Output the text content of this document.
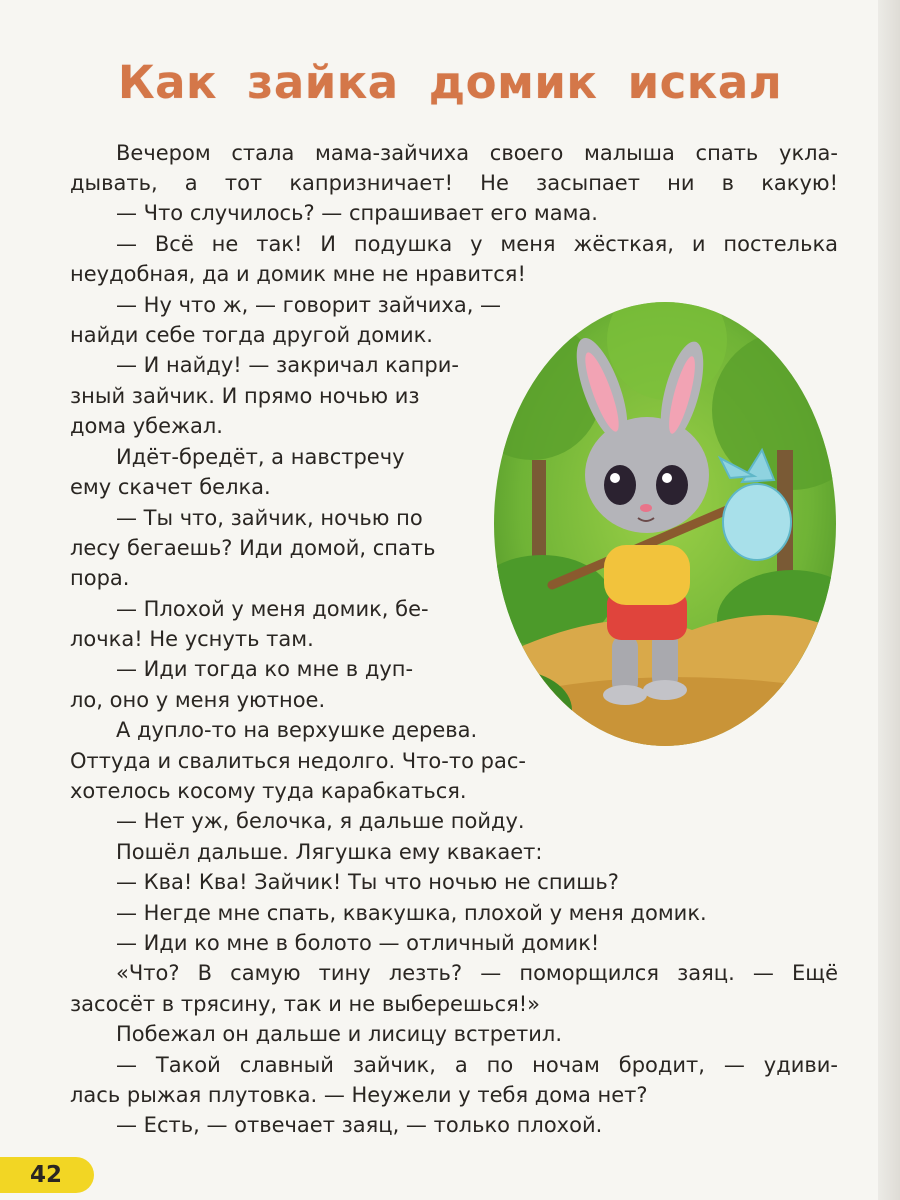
Как зайка домик искал
Вечером стала мама-зайчиха своего малыша спать укла-
дывать, а тот капризничает! Не засыпает ни в какую!
— Что случилось? — спрашивает его мама.
— Всё не так! И подушка у меня жёсткая, и постелька
неудобная, да и домик мне не нравится!
— Ну что ж, — говорит зайчиха, —
найди себе тогда другой домик.
— И найду! — закричал капри-
зный зайчик. И прямо ночью из
дома убежал.
Идёт-бредёт, а навстречу
ему скачет белка.
— Ты что, зайчик, ночью по
лесу бегаешь? Иди домой, спать
пора.
— Плохой у меня домик, бе-
лочка! Не уснуть там.
— Иди тогда ко мне в дуп-
ло, оно у меня уютное.
А дупло-то на верхушке дерева.
Оттуда и свалиться недолго. Что-то рас-
хотелось косому туда карабкаться.
— Нет уж, белочка, я дальше пойду.
Пошёл дальше. Лягушка ему квакает:
— Ква! Ква! Зайчик! Ты что ночью не спишь?
— Негде мне спать, квакушка, плохой у меня домик.
— Иди ко мне в болото — отличный домик!
«Что? В самую тину лезть? — поморщился заяц. — Ещё
засосёт в трясину, так и не выберешься!»
Побежал он дальше и лисицу встретил.
— Такой славный зайчик, а по ночам бродит, — удиви-
лась рыжая плутовка. — Неужели у тебя дома нет?
— Есть, — отвечает заяц, — только плохой.
42
